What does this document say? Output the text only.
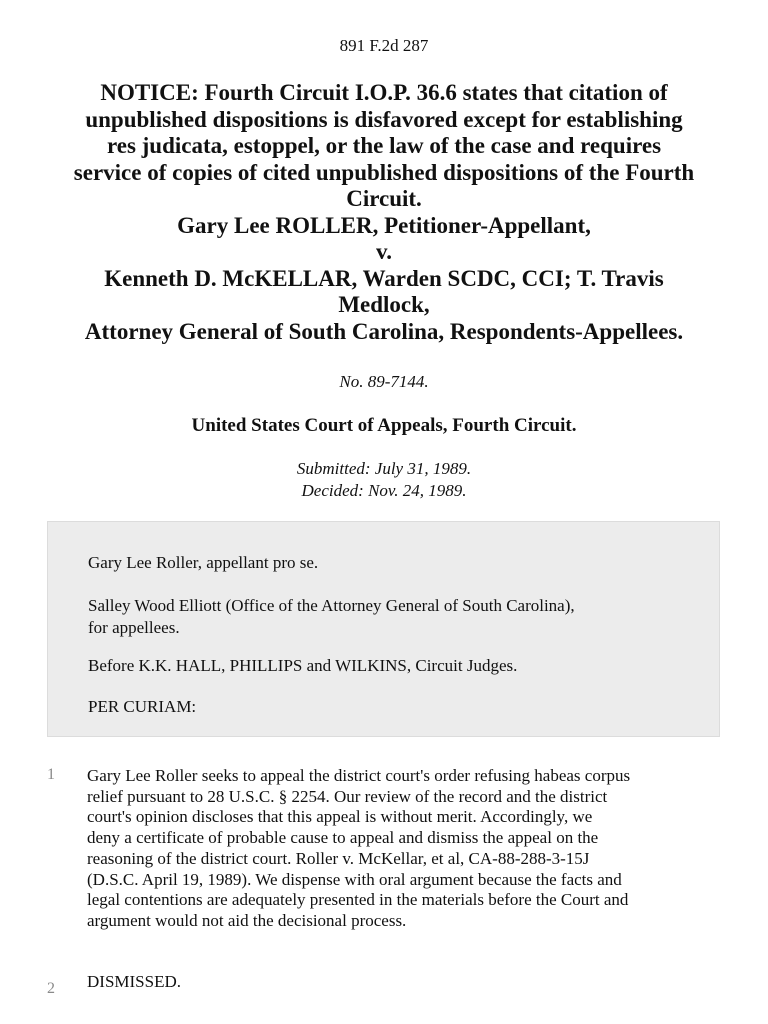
891 F.2d 287
NOTICE: Fourth Circuit I.O.P. 36.6 states that citation of
unpublished dispositions is disfavored except for establishing
res judicata, estoppel, or the law of the case and requires
service of copies of cited unpublished dispositions of the Fourth
Circuit.
Gary Lee ROLLER, Petitioner-Appellant,
v.
Kenneth D. McKELLAR, Warden SCDC, CCI; T. Travis
Medlock,
Attorney General of South Carolina, Respondents-Appellees.
No. 89-7144.
United States Court of Appeals, Fourth Circuit.
Submitted: July 31, 1989.
Decided: Nov. 24, 1989.
Gary Lee Roller, appellant pro se.
Salley Wood Elliott (Office of the Attorney General of South Carolina),
for appellees.
Before K.K. HALL, PHILLIPS and WILKINS, Circuit Judges.
PER CURIAM:
1 Gary Lee Roller seeks to appeal the district court's order refusing habeas corpus
relief pursuant to 28 U.S.C. § 2254. Our review of the record and the district
court's opinion discloses that this appeal is without merit. Accordingly, we
deny a certificate of probable cause to appeal and dismiss the appeal on the
reasoning of the district court. Roller v. McKellar, et al, CA-88-288-3-15J
(D.S.C. April 19, 1989). We dispense with oral argument because the facts and
legal contentions are adequately presented in the materials before the Court and
argument would not aid the decisional process.
2 DISMISSED.
